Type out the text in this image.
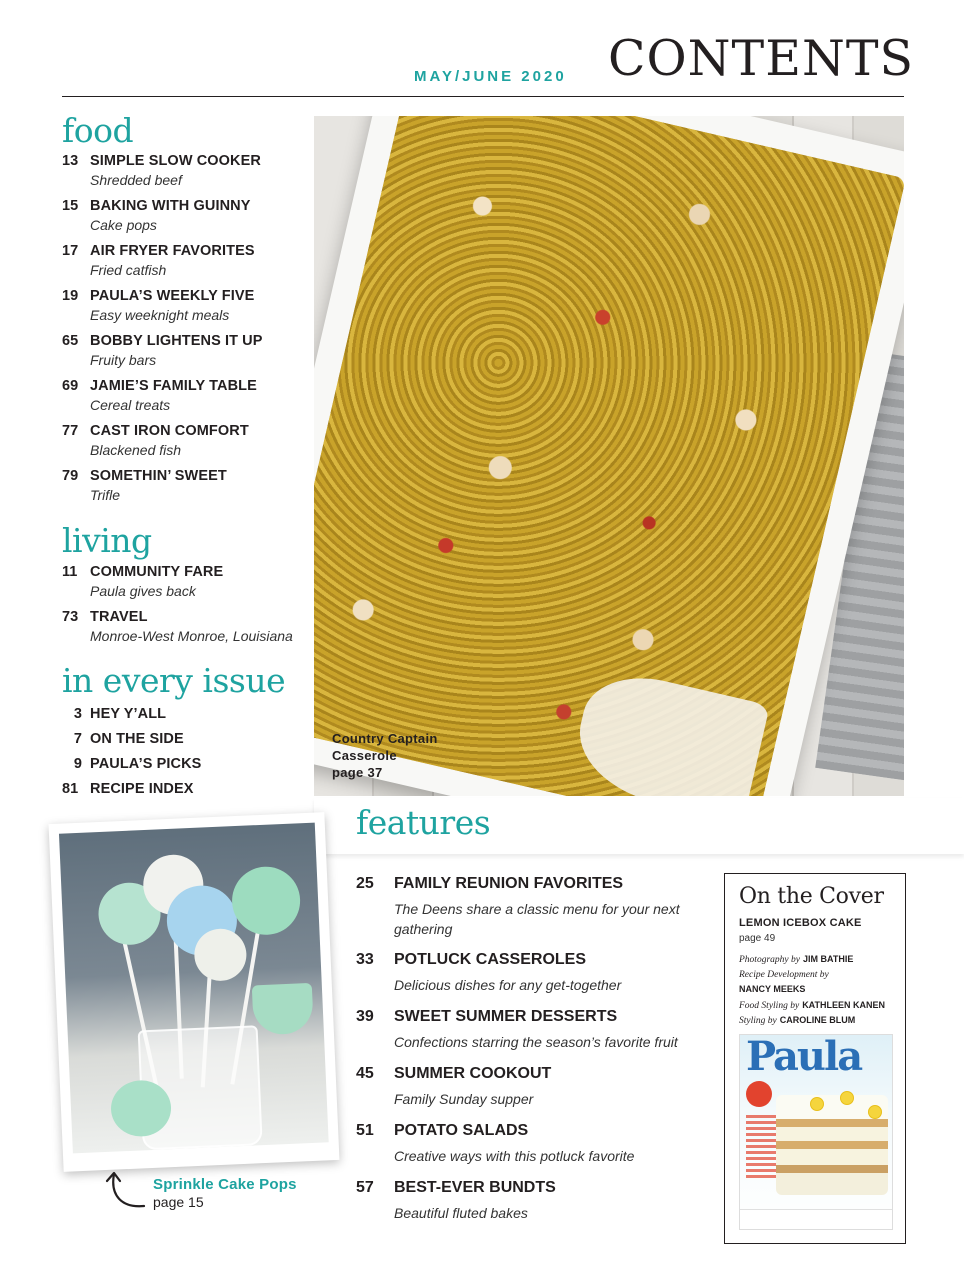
MAY/JUNE 2020 CONTENTS
food
13 SIMPLE SLOW COOKER
Shredded beef
15 BAKING WITH GUINNY
Cake pops
17 AIR FRYER FAVORITES
Fried catfish
19 PAULA’S WEEKLY FIVE
Easy weeknight meals
65 BOBBY LIGHTENS IT UP
Fruity bars
69 JAMIE’S FAMILY TABLE
Cereal treats
77 CAST IRON COMFORT
Blackened fish
79 SOMETHIN’ SWEET
Trifle
living
11 COMMUNITY FARE
Paula gives back
73 TRAVEL
Monroe-West Monroe, Louisiana
in every issue
3 HEY Y’ALL
7 ON THE SIDE
9 PAULA’S PICKS
81 RECIPE INDEX
Country Captain
Casserole
page 37
features
25	FAMILY REUNION FAVORITES
The Deens share a classic menu for your next gathering
33	POTLUCK CASSEROLES
Delicious dishes for any get-together
39	SWEET SUMMER DESSERTS
Confections starring the season’s favorite fruit
45	SUMMER COOKOUT
Family Sunday supper
51	POTATO SALADS
Creative ways with this potluck favorite
57	BEST-EVER BUNDTS
Beautiful fluted bakes
Sprinkle Cake Pops
page 15
On the Cover
LEMON ICEBOX CAKE
page 49
Photography by JIM BATHIE
Recipe Development by
NANCY MEEKS
Food Styling by KATHLEEN KANEN
Styling by CAROLINE BLUM
Paula
